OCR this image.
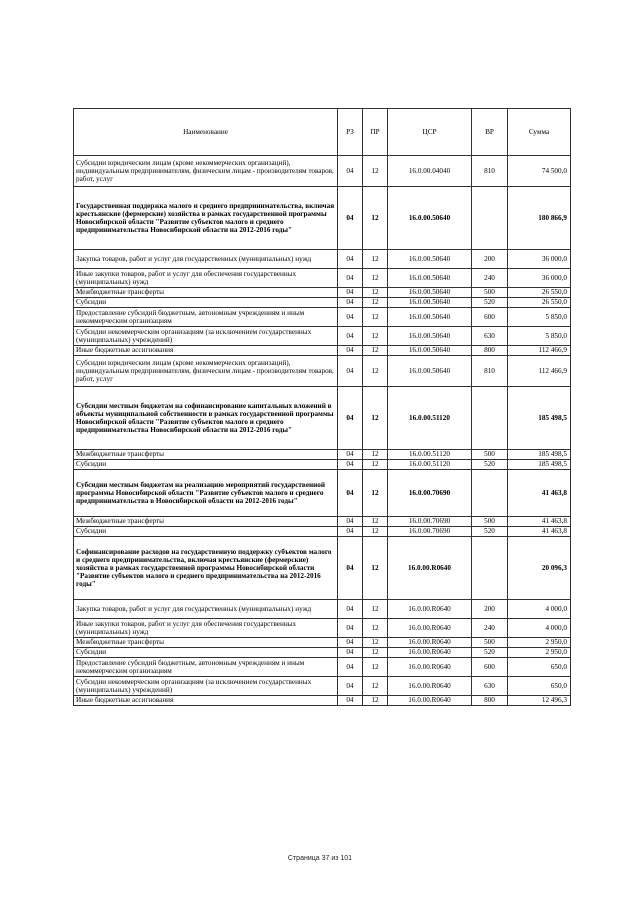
Наименование	РЗ	ПР	ЦСР	ВР	Сумма
Субсидии юридическим лицам (кроме некоммерческих организаций), индивидуальным предпринимателям, физическим лицам - производителям товаров, работ, услуг	04	12	16.0.00.04040	810	74 500,0
Государственная поддержка малого и среднего предпринимательства, включая крестьянские (фермерские) хозяйства в рамках государственной программы Новосибирской области "Развитие субъектов малого и среднего предпринимательства Новосибирской области на 2012-2016 годы"	04	12	16.0.00.50640		180 866,9
Закупка товаров, работ и услуг для государственных (муниципальных) нужд	04	12	16.0.00.50640	200	36 000,0
Иные закупки товаров, работ и услуг для обеспечения государственных (муниципальных) нужд	04	12	16.0.00.50640	240	36 000,0
Межбюджетные трансферты	04	12	16.0.00.50640	500	26 550,0
Субсидии	04	12	16.0.00.50640	520	26 550,0
Предоставление субсидий бюджетным, автономным учреждениям и иным некоммерческим организациям	04	12	16.0.00.50640	600	5 850,0
Субсидии некоммерческим организациям (за исключением государственных (муниципальных) учреждений)	04	12	16.0.00.50640	630	5 850,0
Иные бюджетные ассигнования	04	12	16.0.00.50640	800	112 466,9
Субсидии юридическим лицам (кроме некоммерческих организаций), индивидуальным предпринимателям, физическим лицам - производителям товаров, работ, услуг	04	12	16.0.00.50640	810	112 466,9
Субсидии местным бюджетам на софинансирование капитальных вложений в объекты муниципальной собственности в рамках государственной программы Новосибирской области "Развитие субъектов малого и среднего предпринимательства Новосибирской области на 2012-2016 годы"	04	12	16.0.00.51120		185 498,5
Межбюджетные трансферты	04	12	16.0.00.51120	500	185 498,5
Субсидии	04	12	16.0.00.51120	520	185 498,5
Субсидии местным бюджетам на реализацию мероприятий государственной программы Новосибирской области "Развитие субъектов малого и среднего предпринимательства в Новосибирской области на 2012-2016 годы"	04	12	16.0.00.70690		41 463,8
Межбюджетные трансферты	04	12	16.0.00.70690	500	41 463,8
Субсидии	04	12	16.0.00.70690	520	41 463,8
Софинансирование расходов на государственную поддержку субъектов малого и среднего предпринимательства, включая крестьянские (фермерские) хозяйства в рамках государственной программы Новосибирской области "Развитие субъектов малого и среднего предпринимательства на 2012-2016 годы"	04	12	16.0.00.R0640		20 096,3
Закупка товаров, работ и услуг для государственных (муниципальных) нужд	04	12	16.0.00.R0640	200	4 000,0
Иные закупки товаров, работ и услуг для обеспечения государственных (муниципальных) нужд	04	12	16.0.00.R0640	240	4 000,0
Межбюджетные трансферты	04	12	16.0.00.R0640	500	2 950,0
Субсидии	04	12	16.0.00.R0640	520	2 950,0
Предоставление субсидий бюджетным, автономным учреждениям и иным некоммерческим организациям	04	12	16.0.00.R0640	600	650,0
Субсидии некоммерческим организациям (за исключением государственных (муниципальных) учреждений)	04	12	16.0.00.R0640	630	650,0
Иные бюджетные ассигнования	04	12	16.0.00.R0640	800	12 496,3
Страница 37 из 101
